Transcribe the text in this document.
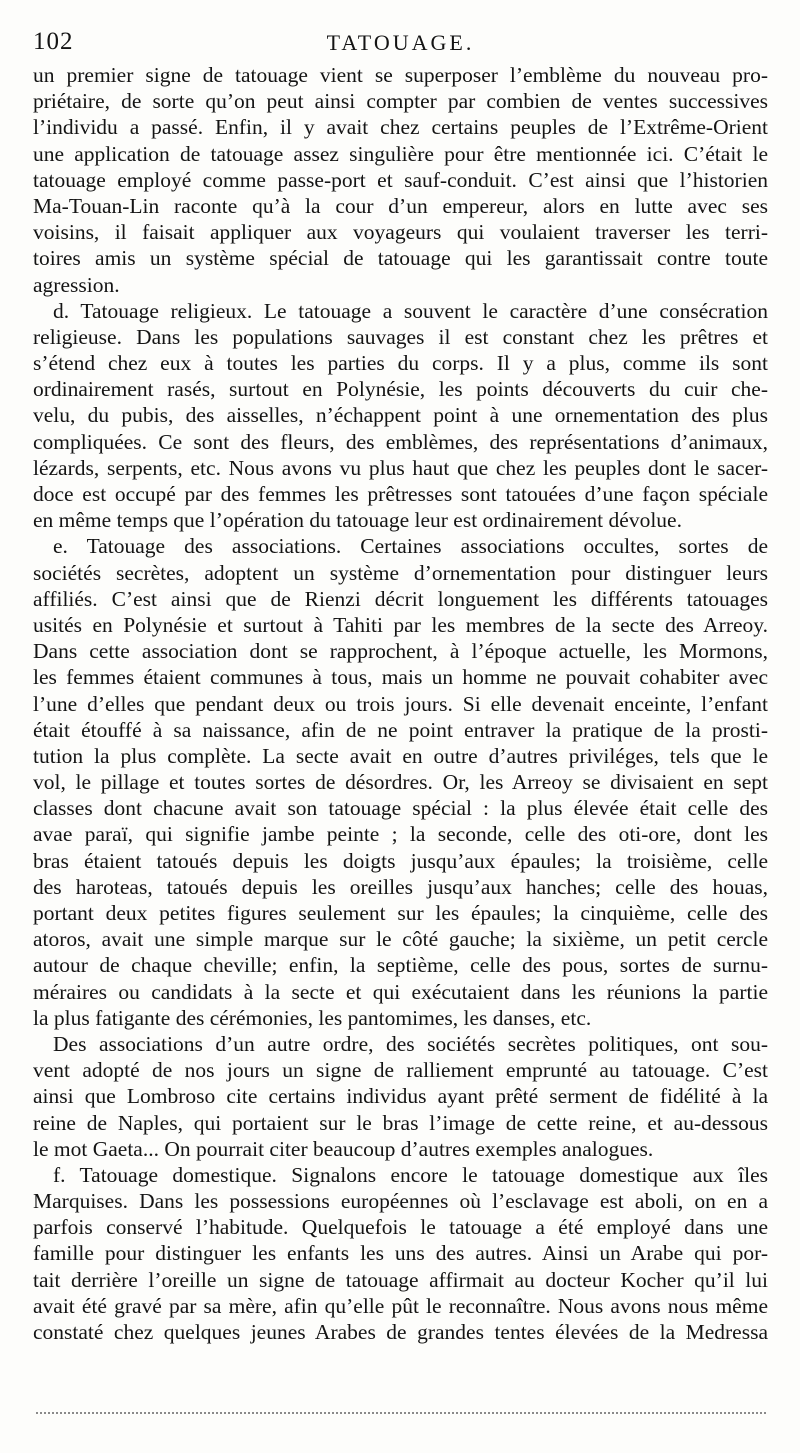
102	TATOUAGE.
un premier signe de tatouage vient se superposer l’emblème du nouveau pro-
priétaire, de sorte qu’on peut ainsi compter par combien de ventes successives
l’individu a passé. Enfin, il y avait chez certains peuples de l’Extrême-Orient
une application de tatouage assez singulière pour être mentionnée ici. C’était le
tatouage employé comme passe-port et sauf-conduit. C’est ainsi que l’historien
Ma-Touan-Lin raconte qu’à la cour d’un empereur, alors en lutte avec ses
voisins, il faisait appliquer aux voyageurs qui voulaient traverser les terri-
toires amis un système spécial de tatouage qui les garantissait contre toute
agression.
d. Tatouage religieux. Le tatouage a souvent le caractère d’une consécration
religieuse. Dans les populations sauvages il est constant chez les prêtres et
s’étend chez eux à toutes les parties du corps. Il y a plus, comme ils sont
ordinairement rasés, surtout en Polynésie, les points découverts du cuir che-
velu, du pubis, des aisselles, n’échappent point à une ornementation des plus
compliquées. Ce sont des fleurs, des emblèmes, des représentations d’animaux,
lézards, serpents, etc. Nous avons vu plus haut que chez les peuples dont le sacer-
doce est occupé par des femmes les prêtresses sont tatouées d’une façon spéciale
en même temps que l’opération du tatouage leur est ordinairement dévolue.
e. Tatouage des associations. Certaines associations occultes, sortes de
sociétés secrètes, adoptent un système d’ornementation pour distinguer leurs
affiliés. C’est ainsi que de Rienzi décrit longuement les différents tatouages
usités en Polynésie et surtout à Tahiti par les membres de la secte des Arreoy.
Dans cette association dont se rapprochent, à l’époque actuelle, les Mormons,
les femmes étaient communes à tous, mais un homme ne pouvait cohabiter avec
l’une d’elles que pendant deux ou trois jours. Si elle devenait enceinte, l’enfant
était étouffé à sa naissance, afin de ne point entraver la pratique de la prosti-
tution la plus complète. La secte avait en outre d’autres priviléges, tels que le
vol, le pillage et toutes sortes de désordres. Or, les Arreoy se divisaient en sept
classes dont chacune avait son tatouage spécial : la plus élevée était celle des
avae paraï, qui signifie jambe peinte ; la seconde, celle des oti-ore, dont les
bras étaient tatoués depuis les doigts jusqu’aux épaules; la troisième, celle
des haroteas, tatoués depuis les oreilles jusqu’aux hanches; celle des houas,
portant deux petites figures seulement sur les épaules; la cinquième, celle des
atoros, avait une simple marque sur le côté gauche; la sixième, un petit cercle
autour de chaque cheville; enfin, la septième, celle des pous, sortes de surnu-
méraires ou candidats à la secte et qui exécutaient dans les réunions la partie
la plus fatigante des cérémonies, les pantomimes, les danses, etc.
Des associations d’un autre ordre, des sociétés secrètes politiques, ont sou-
vent adopté de nos jours un signe de ralliement emprunté au tatouage. C’est
ainsi que Lombroso cite certains individus ayant prêté serment de fidélité à la
reine de Naples, qui portaient sur le bras l’image de cette reine, et au-dessous
le mot Gaeta... On pourrait citer beaucoup d’autres exemples analogues.
f. Tatouage domestique. Signalons encore le tatouage domestique aux îles
Marquises. Dans les possessions européennes où l’esclavage est aboli, on en a
parfois conservé l’habitude. Quelquefois le tatouage a été employé dans une
famille pour distinguer les enfants les uns des autres. Ainsi un Arabe qui por-
tait derrière l’oreille un signe de tatouage affirmait au docteur Kocher qu’il lui
avait été gravé par sa mère, afin qu’elle pût le reconnaître. Nous avons nous même
constaté chez quelques jeunes Arabes de grandes tentes élevées de la Medressa
